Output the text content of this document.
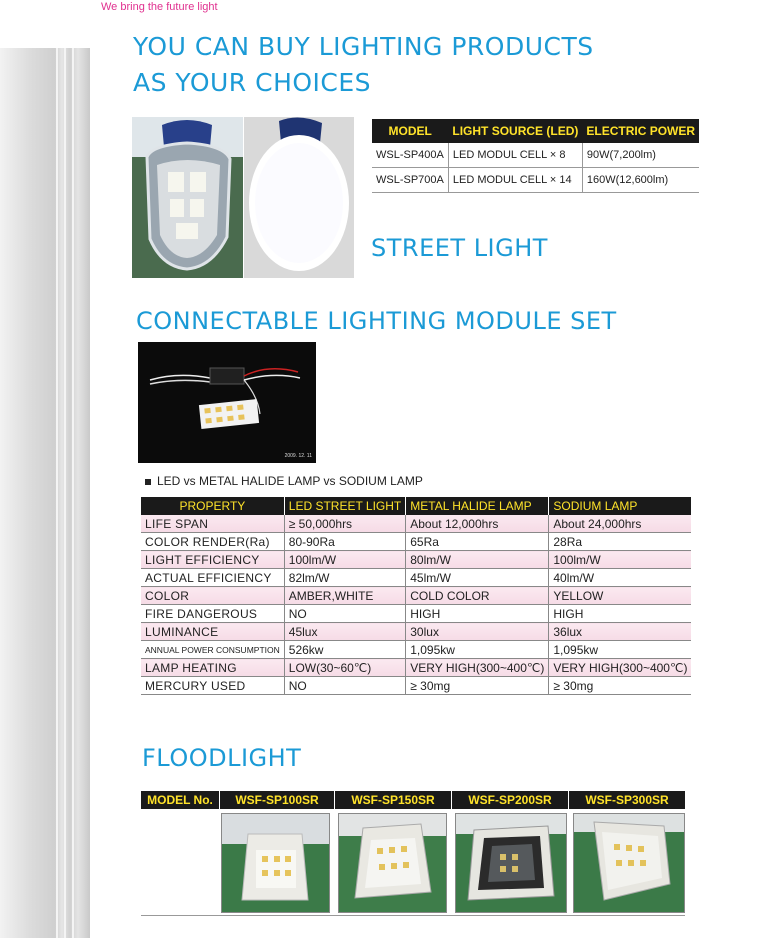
We bring the future light
YOU CAN BUY LIGHTING PRODUCTS
AS YOUR CHOICES
MODEL	LIGHT SOURCE (LED)	ELECTRIC POWER
WSL-SP400A	LED MODUL CELL × 8	90W(7,200lm)
WSL-SP700A	LED MODUL CELL × 14	160W(12,600lm)
STREET LIGHT
CONNECTABLE LIGHTING MODULE SET
2009. 12. 11
LED vs METAL HALIDE LAMP vs SODIUM LAMP
PROPERTY	LED STREET LIGHT	METAL HALIDE LAMP	SODIUM LAMP
LIFE SPAN	≥ 50,000hrs	About 12,000hrs	About 24,000hrs
COLOR RENDER(Ra)	80-90Ra	65Ra	28Ra
LIGHT EFFICIENCY	100lm/W	80lm/W	100lm/W
ACTUAL EFFICIENCY	82lm/W	45lm/W	40lm/W
COLOR	AMBER,WHITE	COLD COLOR	YELLOW
FIRE DANGEROUS	NO	HIGH	HIGH
LUMINANCE	45lux	30lux	36lux
ANNUAL POWER CONSUMPTION	526kw	1,095kw	1,095kw
LAMP HEATING	LOW(30~60℃)	VERY HIGH(300~400℃)	VERY HIGH(300~400℃)
MERCURY USED	NO	≥ 30mg	≥ 30mg
FLOODLIGHT
MODEL No.	WSF-SP100SR	WSF-SP150SR	WSF-SP200SR	WSF-SP300SR
